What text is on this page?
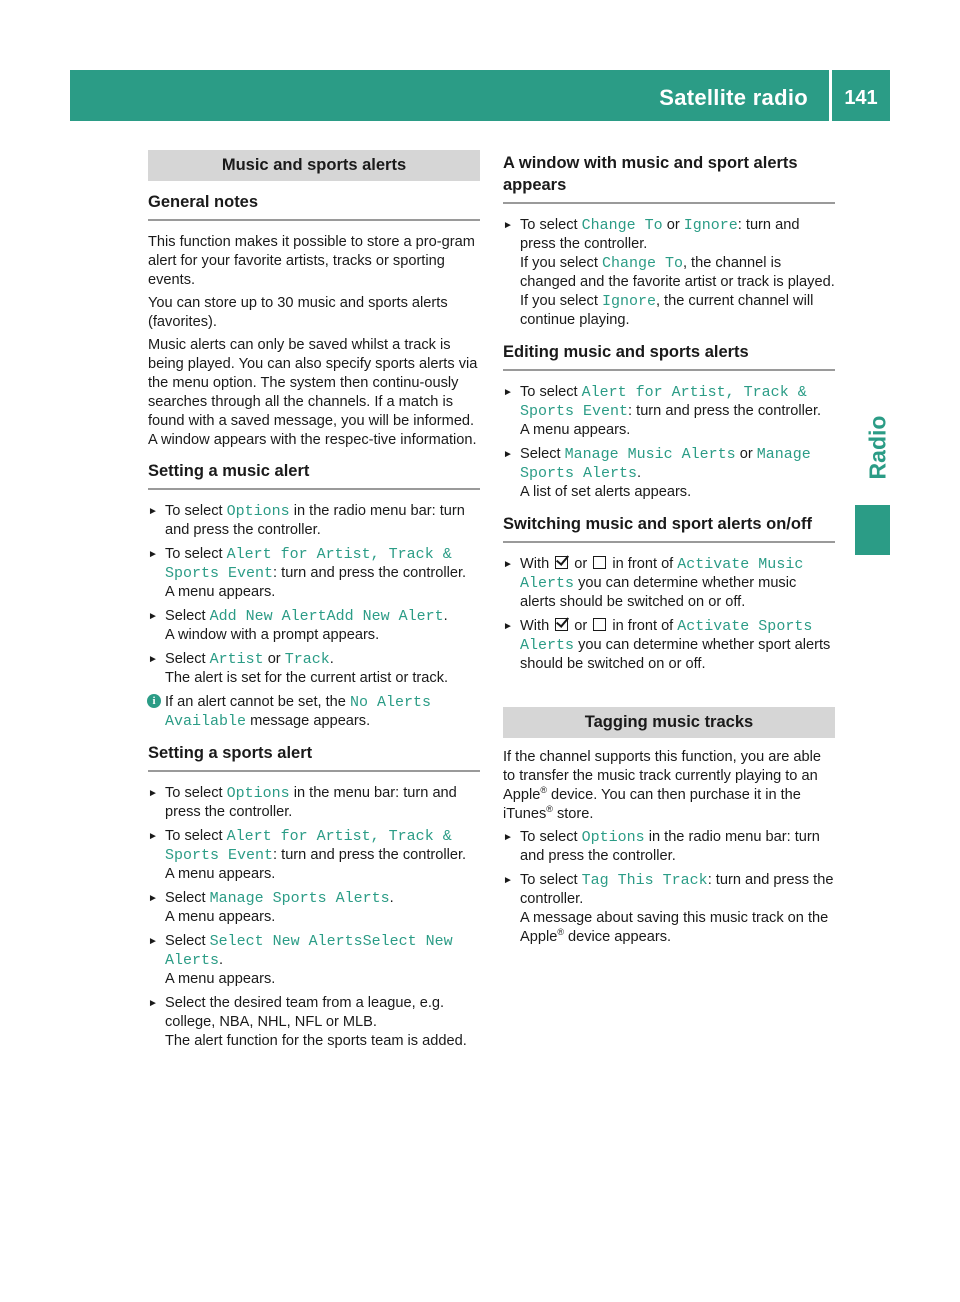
Satellite radio	141
Radio
Music and sports alerts
General notes

This function makes it possible to store a pro-gram alert for your favorite artists, tracks or sporting events.

You can store up to 30 music and sports alerts (favorites).

Music alerts can only be saved whilst a track is being played. You can also specify sports alerts via the menu option. The system then continu-ously searches through all the channels. If a match is found with a saved message, you will be informed. A window appears with the respec-tive information.

Setting a music alert
► To select Options in the radio menu bar: turn and press the controller.
► To select Alert for Artist, Track & Sports Event: turn and press the controller.
A menu appears.
► Select Add New AlertAdd New Alert.
A window with a prompt appears.
► Select Artist or Track.
The alert is set for the current artist or track.
i If an alert cannot be set, the No Alerts Available message appears.
Setting a sports alert
► To select Options in the menu bar: turn and press the controller.
► To select Alert for Artist, Track & Sports Event: turn and press the controller.
A menu appears.
► Select Manage Sports Alerts.
A menu appears.
► Select Select New AlertsSelect New Alerts.
A menu appears.
► Select the desired team from a league, e.g. college, NBA, NHL, NFL or MLB.
The alert function for the sports team is added.
A window with music and sport alerts appears
► To select Change To or Ignore: turn and press the controller.
If you select Change To, the channel is changed and the favorite artist or track is played.
If you select Ignore, the current channel will continue playing.
Editing music and sports alerts
► To select Alert for Artist, Track & Sports Event: turn and press the controller.
A menu appears.
► Select Manage Music Alerts or Manage Sports Alerts.
A list of set alerts appears.
Switching music and sport alerts on/off
► With  or  in front of Activate Music Alerts you can determine whether music alerts should be switched on or off.
► With  or  in front of Activate Sports Alerts you can determine whether sport alerts should be switched on or off.
Tagging music tracks

If the channel supports this function, you are able to transfer the music track currently playing to an Apple® device. You can then purchase it in the iTunes® store.

► To select Options in the radio menu bar: turn and press the controller.
► To select Tag This Track: turn and press the controller.
A message about saving this music track on the Apple® device appears.
